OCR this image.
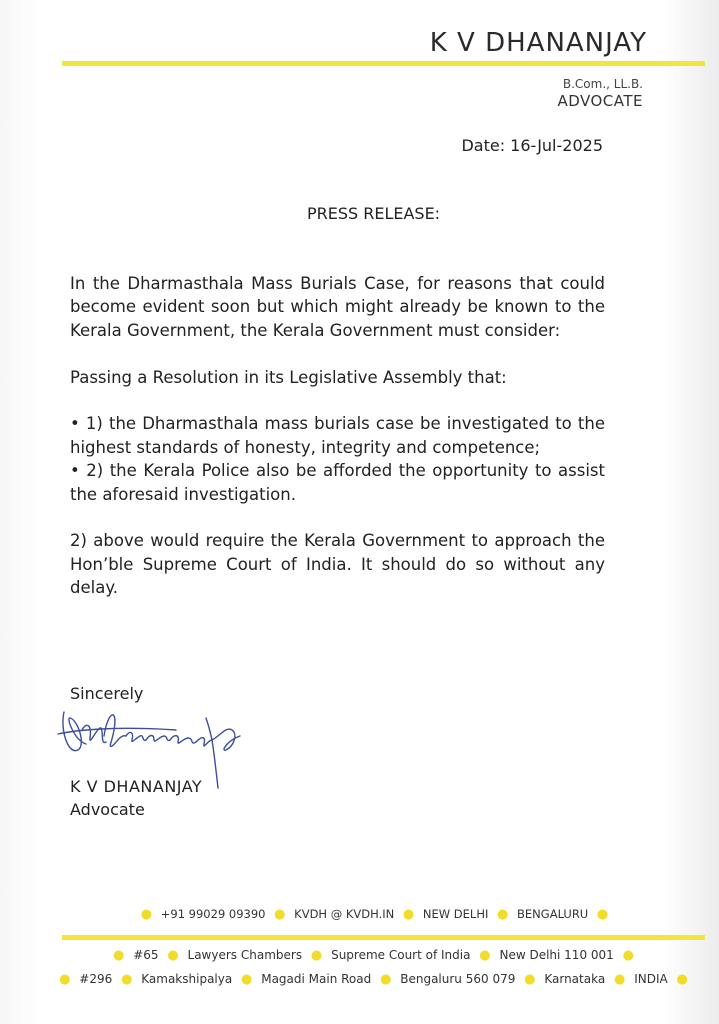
K V DHANANJAY
B.Com., LL.B.
ADVOCATE
Date: 16-Jul-2025
PRESS RELEASE:

In the Dharmasthala Mass Burials Case, for reasons that could become evident soon but which might already be known to the Kerala Government, the Kerala Government must consider:

Passing a Resolution in its Legislative Assembly that:

• 1) the Dharmasthala mass burials case be investigated to the highest standards of honesty, integrity and competence;

• 2) the Kerala Police also be afforded the opportunity to assist the aforesaid investigation.

2) above would require the Kerala Government to approach the Hon’ble Supreme Court of India. It should do so without any delay.

Sincerely
K V DHANANJAY
Advocate
● +91 99029 09390 ● KVDH @ KVDH.IN ● NEW DELHI ● BENGALURU ●
● #65 ● Lawyers Chambers ● Supreme Court of India ● New Delhi 110 001 ●
● #296 ● Kamakshipalya ● Magadi Main Road ● Bengaluru 560 079 ● Karnataka ● INDIA ●
